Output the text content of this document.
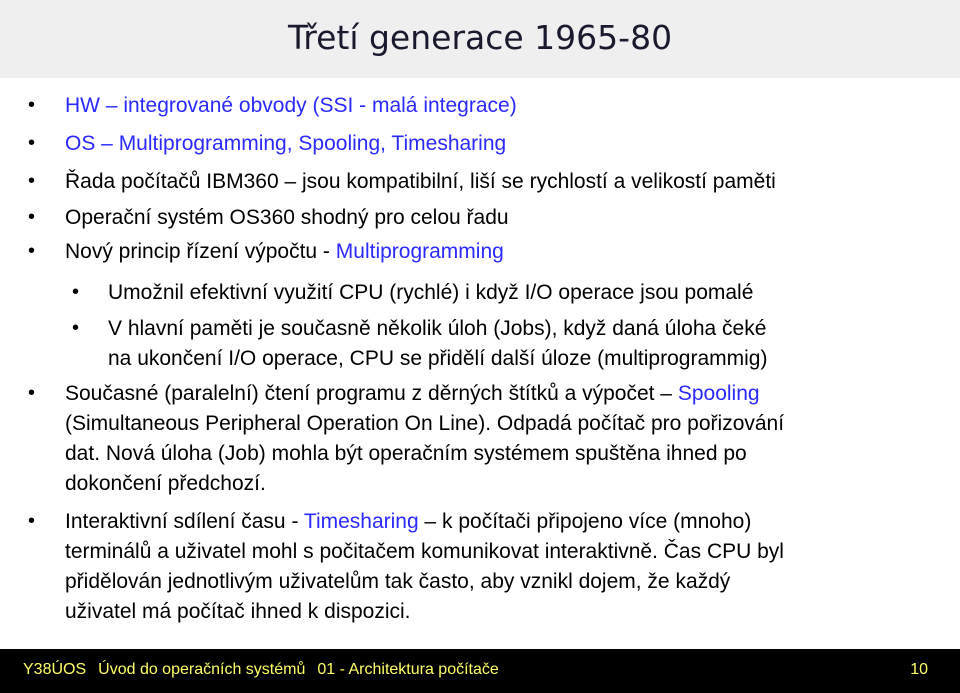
Třetí generace 1965-80
• HW – integrované obvody (SSI - malá integrace)
• OS – Multiprogramming, Spooling, Timesharing
• Řada počítačů IBM360 – jsou kompatibilní, liší se rychlostí a velikostí paměti
• Operační systém OS360 shodný pro celou řadu
• Nový princip řízení výpočtu - Multiprogramming
• Umožnil efektivní využití CPU (rychlé) i když I/O operace jsou pomalé
• V hlavní paměti je současně několik úloh (Jobs), když daná úloha čeké
na ukončení I/O operace, CPU se přidělí další úloze (multiprogrammig)
• Současné (paralelní) čtení programu z děrných štítků a výpočet – Spooling
(Simultaneous Peripheral Operation On Line). Odpadá počítač pro pořizování
dat. Nová úloha (Job) mohla být operačním systémem spuštěna ihned po
dokončení předchozí.
• Interaktivní sdílení času - Timesharing – k počítači připojeno více (mnoho)
terminálů a uživatel mohl s počitačem komunikovat interaktivně. Čas CPU byl
přidělován jednotlivým uživatelům tak často, aby vznikl dojem, že každý
uživatel má počítač ihned k dispozici.
Y38ÚOS Úvod do operačních systémů 01 - Architektura počítače	10
